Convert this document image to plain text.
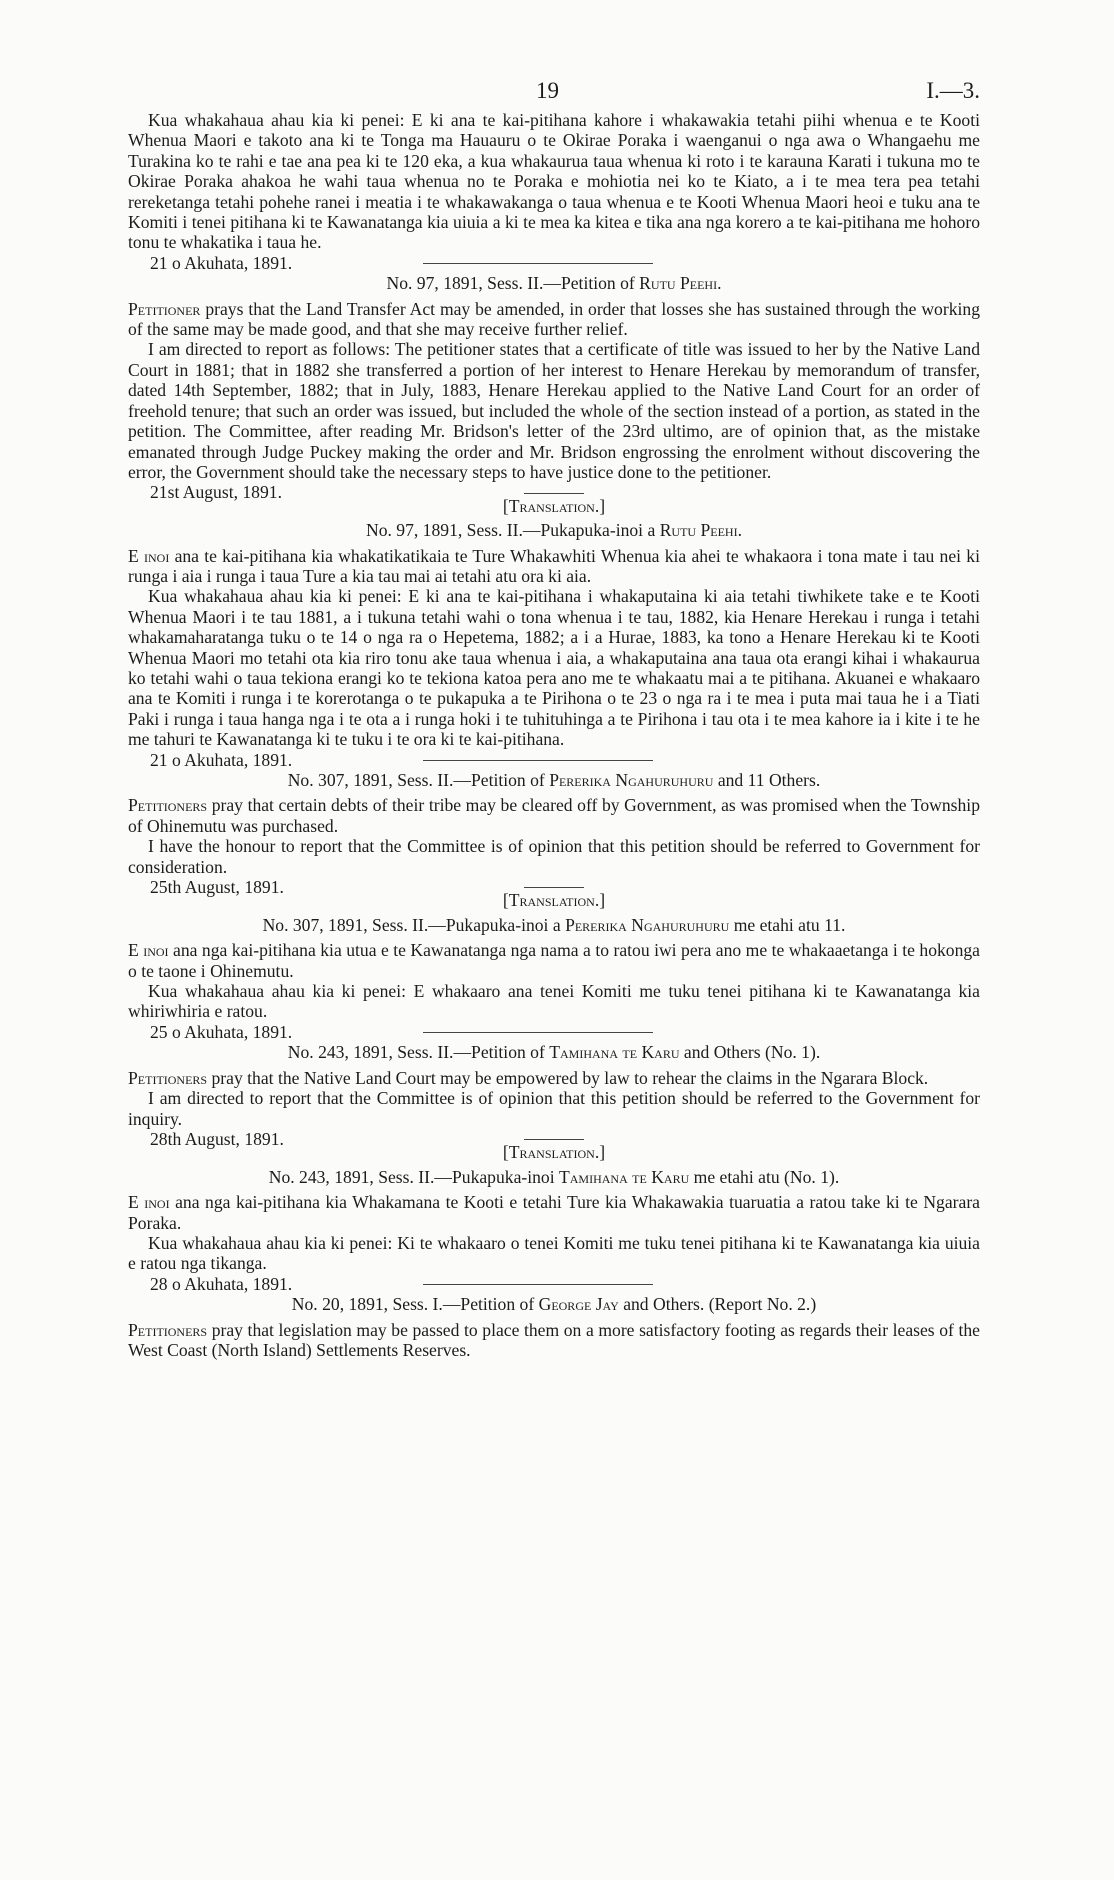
19	I.—3.

Kua whakahaua ahau kia ki penei: E ki ana te kai-pitihana kahore i whakawakia tetahi piihi whenua e te Kooti Whenua Maori e takoto ana ki te Tonga ma Hauauru o te Okirae Poraka i waenganui o nga awa o Whangaehu me Turakina ko te rahi e tae ana pea ki te 120 eka, a kua whakaurua taua whenua ki roto i te karauna Karati i tukuna mo te Okirae Poraka ahakoa he wahi taua whenua no te Poraka e mohiotia nei ko te Kiato, a i te mea tera pea tetahi rereketanga tetahi pohehe ranei i meatia i te whakawakanga o taua whenua e te Kooti Whenua Maori heoi e tuku ana te Komiti i tenei pitihana ki te Kawanatanga kia uiuia a ki te mea ka kitea e tika ana nga korero a te kai-pitihana me hohoro tonu te whakatika i taua he.

21 o Akuhata, 1891.
No. 97, 1891, Sess. II.—Petition of Rutu Peehi.

Petitioner prays that the Land Transfer Act may be amended, in order that losses she has sustained through the working of the same may be made good, and that she may receive further relief.

I am directed to report as follows: The petitioner states that a certificate of title was issued to her by the Native Land Court in 1881; that in 1882 she transferred a portion of her interest to Henare Herekau by memorandum of transfer, dated 14th September, 1882; that in July, 1883, Henare Herekau applied to the Native Land Court for an order of freehold tenure; that such an order was issued, but included the whole of the section instead of a portion, as stated in the petition. The Committee, after reading Mr. Bridson's letter of the 23rd ultimo, are of opinion that, as the mistake emanated through Judge Puckey making the order and Mr. Bridson engrossing the enrolment without discovering the error, the Government should take the necessary steps to have justice done to the petitioner.

21st August, 1891.
[Translation.]
No. 97, 1891, Sess. II.—Pukapuka-inoi a Rutu Peehi.

E inoi ana te kai-pitihana kia whakatikatikaia te Ture Whakawhiti Whenua kia ahei te whakaora i tona mate i tau nei ki runga i aia i runga i taua Ture a kia tau mai ai tetahi atu ora ki aia.

Kua whakahaua ahau kia ki penei: E ki ana te kai-pitihana i whakaputaina ki aia tetahi tiwhikete take e te Kooti Whenua Maori i te tau 1881, a i tukuna tetahi wahi o tona whenua i te tau, 1882, kia Henare Herekau i runga i tetahi whakamaharatanga tuku o te 14 o nga ra o Hepetema, 1882; a i a Hurae, 1883, ka tono a Henare Herekau ki te Kooti Whenua Maori mo tetahi ota kia riro tonu ake taua whenua i aia, a whakaputaina ana taua ota erangi kihai i whakaurua ko tetahi wahi o taua tekiona erangi ko te tekiona katoa pera ano me te whakaatu mai a te pitihana. Akuanei e whakaaro ana te Komiti i runga i te korerotanga o te pukapuka a te Pirihona o te 23 o nga ra i te mea i puta mai taua he i a Tiati Paki i runga i taua hanga nga i te ota a i runga hoki i te tuhituhinga a te Pirihona i tau ota i te mea kahore ia i kite i te he me tahuri te Kawanatanga ki te tuku i te ora ki te kai-pitihana.

21 o Akuhata, 1891.
No. 307, 1891, Sess. II.—Petition of Pererika Ngahuruhuru and 11 Others.

Petitioners pray that certain debts of their tribe may be cleared off by Government, as was promised when the Township of Ohinemutu was purchased.

I have the honour to report that the Committee is of opinion that this petition should be referred to Government for consideration.

25th August, 1891.
[Translation.]
No. 307, 1891, Sess. II.—Pukapuka-inoi a Pererika Ngahuruhuru me etahi atu 11.

E inoi ana nga kai-pitihana kia utua e te Kawanatanga nga nama a to ratou iwi pera ano me te whakaaetanga i te hokonga o te taone i Ohinemutu.

Kua whakahaua ahau kia ki penei: E whakaaro ana tenei Komiti me tuku tenei pitihana ki te Kawanatanga kia whiriwhiria e ratou.

25 o Akuhata, 1891.
No. 243, 1891, Sess. II.—Petition of Tamihana te Karu and Others (No. 1).

Petitioners pray that the Native Land Court may be empowered by law to rehear the claims in the Ngarara Block.

I am directed to report that the Committee is of opinion that this petition should be referred to the Government for inquiry.

28th August, 1891.
[Translation.]
No. 243, 1891, Sess. II.—Pukapuka-inoi Tamihana te Karu me etahi atu (No. 1).

E inoi ana nga kai-pitihana kia Whakamana te Kooti e tetahi Ture kia Whakawakia tuaruatia a ratou take ki te Ngarara Poraka.

Kua whakahaua ahau kia ki penei: Ki te whakaaro o tenei Komiti me tuku tenei pitihana ki te Kawanatanga kia uiuia e ratou nga tikanga.

28 o Akuhata, 1891.
No. 20, 1891, Sess. I.—Petition of George Jay and Others. (Report No. 2.)

Petitioners pray that legislation may be passed to place them on a more satisfactory footing as regards their leases of the West Coast (North Island) Settlements Reserves.
